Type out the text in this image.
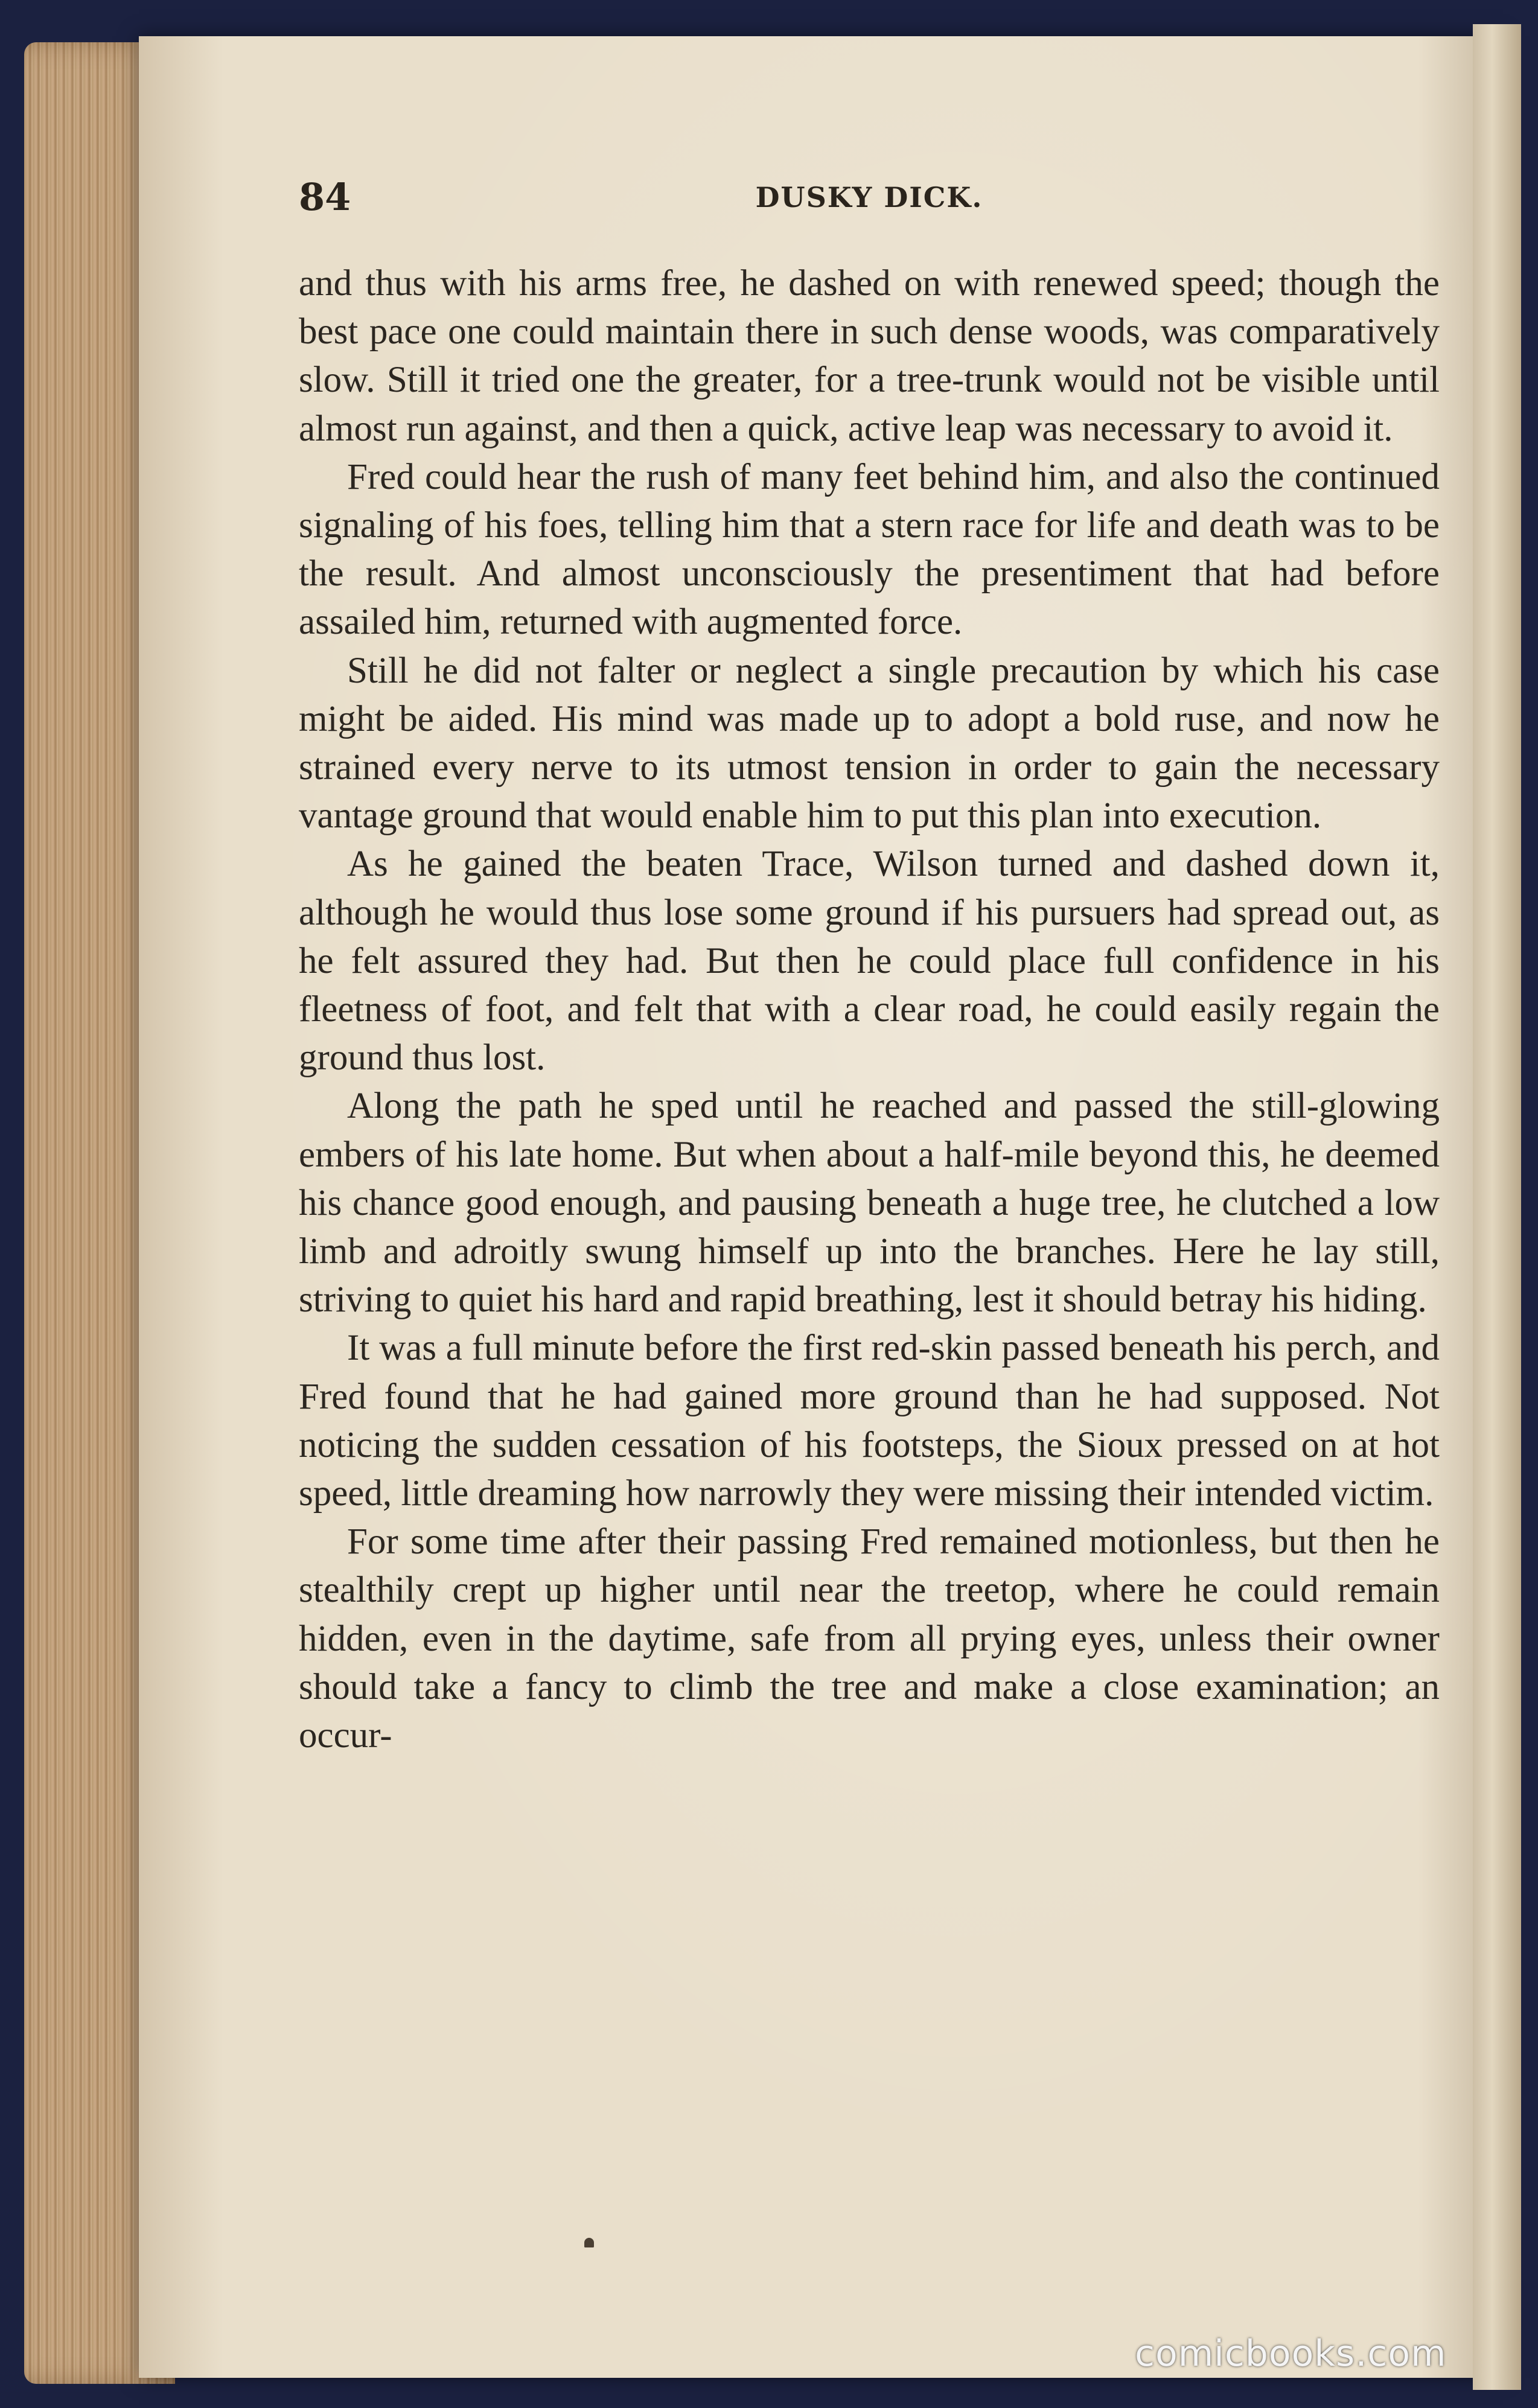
84	DUSKY DICK.

and thus with his arms free, he dashed on with renewed speed; though the best pace one could maintain there in such dense woods, was comparatively slow. Still it tried one the greater, for a tree-trunk would not be visible until almost run against, and then a quick, active leap was necessary to avoid it.

Fred could hear the rush of many feet behind him, and also the continued signaling of his foes, telling him that a stern race for life and death was to be the result. And almost unconsciously the presentiment that had before assailed him, returned with augmented force.

Still he did not falter or neglect a single precaution by which his case might be aided. His mind was made up to adopt a bold ruse, and now he strained every nerve to its utmost tension in order to gain the necessary vantage ground that would enable him to put this plan into execution.

As he gained the beaten Trace, Wilson turned and dashed down it, although he would thus lose some ground if his pursuers had spread out, as he felt assured they had. But then he could place full confidence in his fleetness of foot, and felt that with a clear road, he could easily regain the ground thus lost.

Along the path he sped until he reached and passed the still-glowing embers of his late home. But when about a half-mile beyond this, he deemed his chance good enough, and pausing beneath a huge tree, he clutched a low limb and adroitly swung himself up into the branches. Here he lay still, striving to quiet his hard and rapid breathing, lest it should betray his hiding.

It was a full minute before the first red-skin passed beneath his perch, and Fred found that he had gained more ground than he had supposed. Not noticing the sudden cessation of his footsteps, the Sioux pressed on at hot speed, little dreaming how narrowly they were missing their intended victim.

For some time after their passing Fred remained motionless, but then he stealthily crept up higher until near the treetop, where he could remain hidden, even in the daytime, safe from all prying eyes, unless their owner should take a fancy to climb the tree and make a close examination; an occur-

comicbooks.com
